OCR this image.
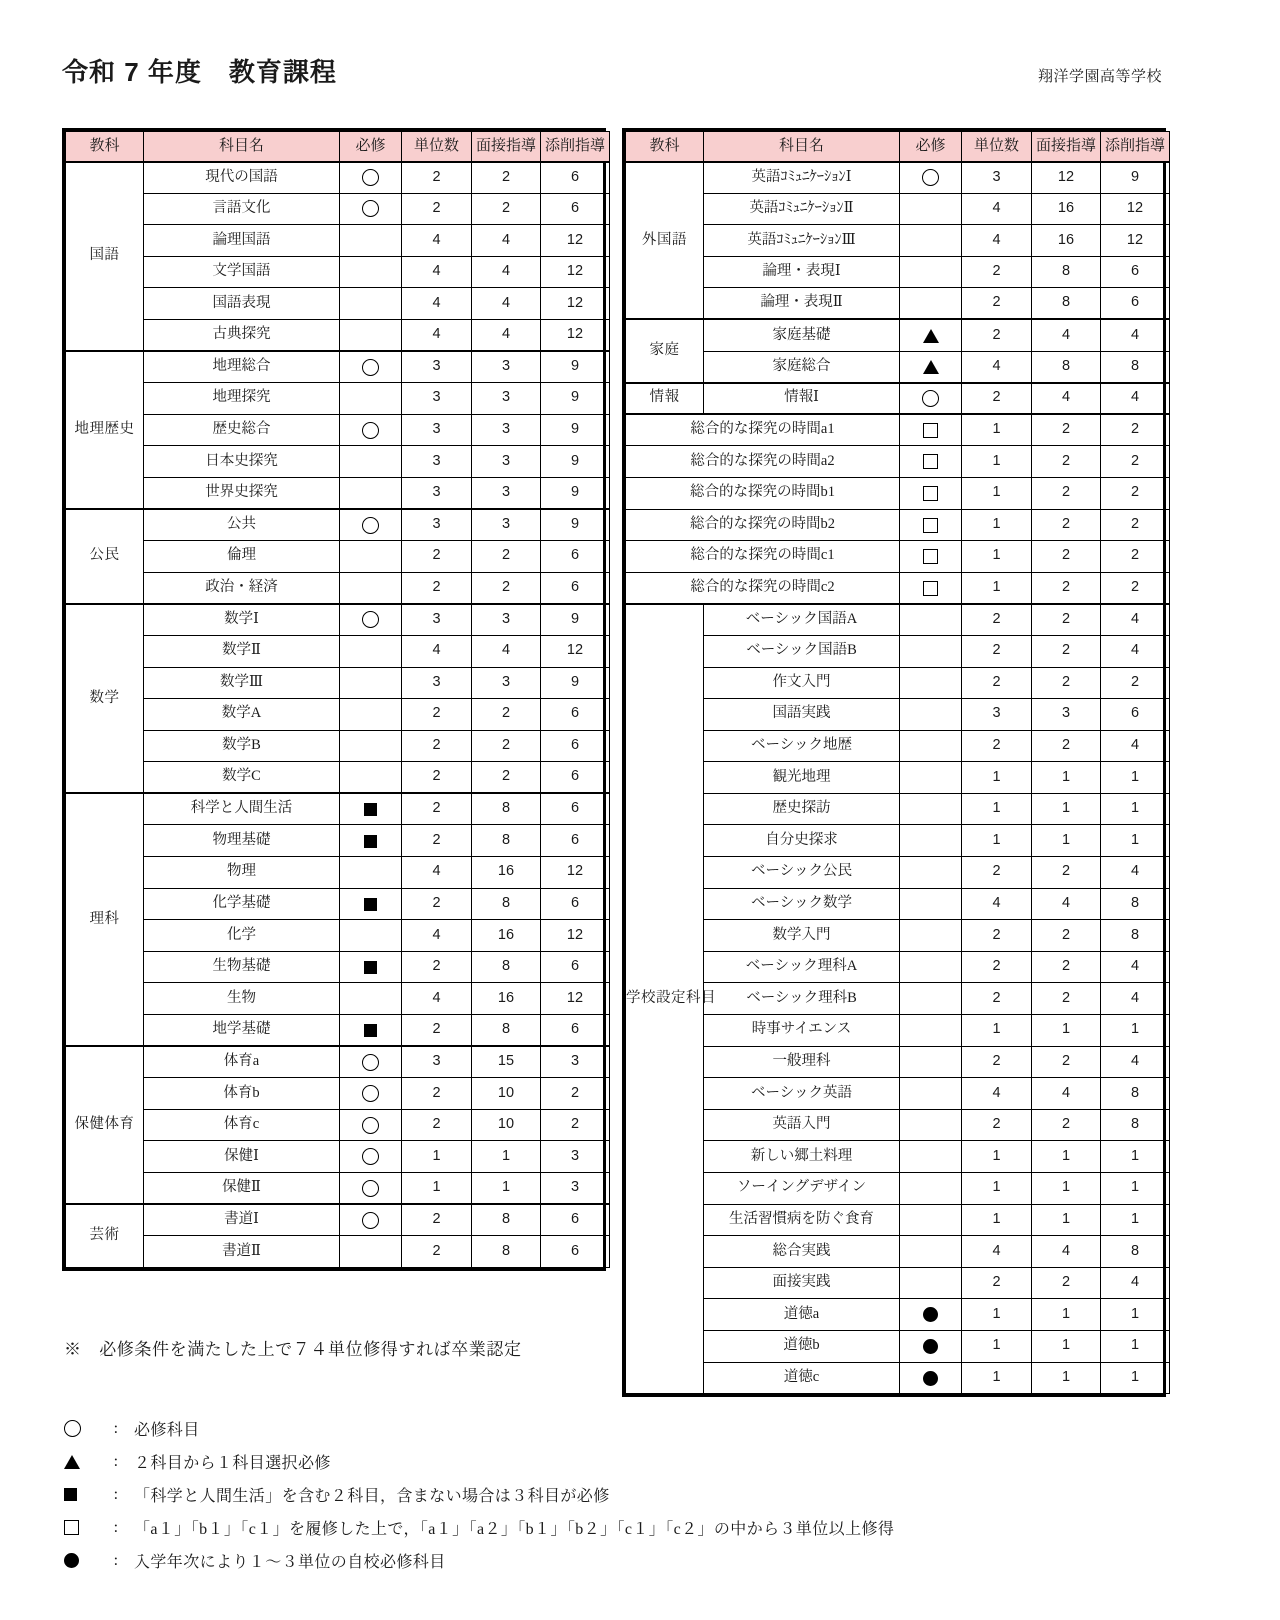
令和 7 年度　教育課程	翔洋学園高等学校
教科	科目名	必修	単位数	面接指導	添削指導
国語	現代の国語		2	2	6
	言語文化		2	2	6
	論理国語		4	4	12
	文学国語		4	4	12
	国語表現		4	4	12
	古典探究		4	4	12
地理歴史	地理総合		3	3	9
	地理探究		3	3	9
	歴史総合		3	3	9
	日本史探究		3	3	9
	世界史探究		3	3	9
公民	公共		3	3	9
	倫理		2	2	6
	政治・経済		2	2	6
数学	数学Ⅰ		3	3	9
	数学Ⅱ		4	4	12
	数学Ⅲ		3	3	9
	数学A		2	2	6
	数学B		2	2	6
	数学C		2	2	6
理科	科学と人間生活		2	8	6
	物理基礎		2	8	6
	物理		4	16	12
	化学基礎		2	8	6
	化学		4	16	12
	生物基礎		2	8	6
	生物		4	16	12
	地学基礎		2	8	6
保健体育	体育a		3	15	3
	体育b		2	10	2
	体育c		2	10	2
	保健Ⅰ		1	1	3
	保健Ⅱ		1	1	3
芸術	書道Ⅰ		2	8	6
	書道Ⅱ		2	8	6
教科	科目名	必修	単位数	面接指導	添削指導
外国語	英語ｺﾐｭﾆｹｰｼｮﾝⅠ		3	12	9
	英語ｺﾐｭﾆｹｰｼｮﾝⅡ		4	16	12
	英語ｺﾐｭﾆｹｰｼｮﾝⅢ		4	16	12
	論理・表現Ⅰ		2	8	6
	論理・表現Ⅱ		2	8	6
家庭	家庭基礎		2	4	4
	家庭総合		4	8	8
情報	情報Ⅰ		2	4	4
総合的な探究の時間a1			1	2	2
総合的な探究の時間a2			1	2	2
総合的な探究の時間b1			1	2	2
総合的な探究の時間b2			1	2	2
総合的な探究の時間c1			1	2	2
総合的な探究の時間c2			1	2	2
学校設定科目	ベーシック国語A		2	2	4
	ベーシック国語B		2	2	4
	作文入門		2	2	2
	国語実践		3	3	6
	ベーシック地歴		2	2	4
	観光地理		1	1	1
	歴史探訪		1	1	1
	自分史探求		1	1	1
	ベーシック公民		2	2	4
	ベーシック数学		4	4	8
	数学入門		2	2	8
	ベーシック理科A		2	2	4
	ベーシック理科B		2	2	4
	時事サイエンス		1	1	1
	一般理科		2	2	4
	ベーシック英語		4	4	8
	英語入門		2	2	8
	新しい郷土料理		1	1	1
	ソーイングデザイン		1	1	1
	生活習慣病を防ぐ食育		1	1	1
	総合実践		4	4	8
	面接実践		2	2	4
	道徳a		1	1	1
	道徳b		1	1	1
	道徳c		1	1	1
※　必修条件を満たした上で７４単位修得すれば卒業認定
: 必修科目
: ２科目から１科目選択必修
: 「科学と人間生活」を含む２科目，含まない場合は３科目が必修
: 「a１」「b１」「c１」を履修した上で，「a１」「a２」「b１」「b２」「c１」「c２」の中から３単位以上修得
: 入学年次により１～３単位の自校必修科目
